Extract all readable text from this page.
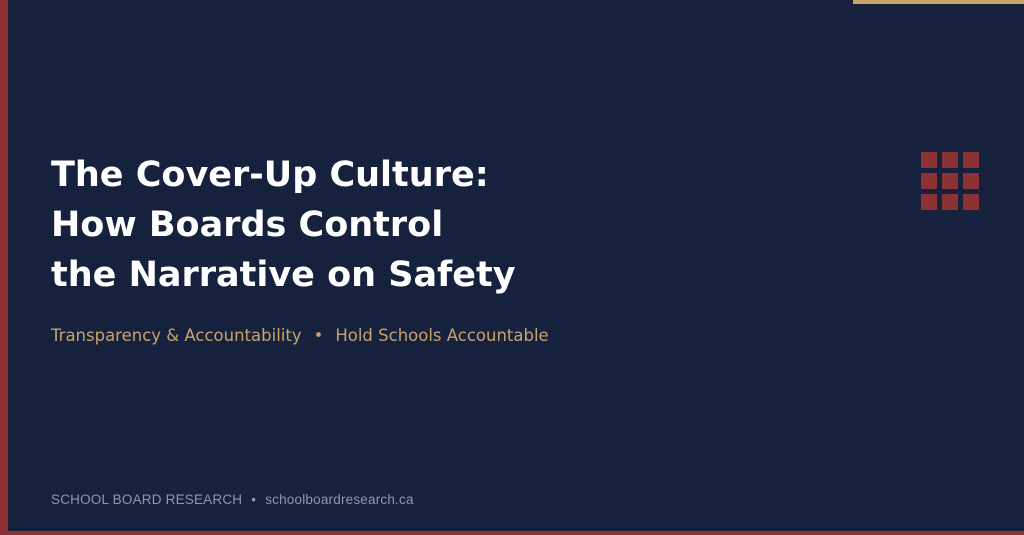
The Cover-Up Culture:
How Boards Control
the Narrative on Safety
Transparency & Accountability • Hold Schools Accountable
SCHOOL BOARD RESEARCH • schoolboardresearch.ca
